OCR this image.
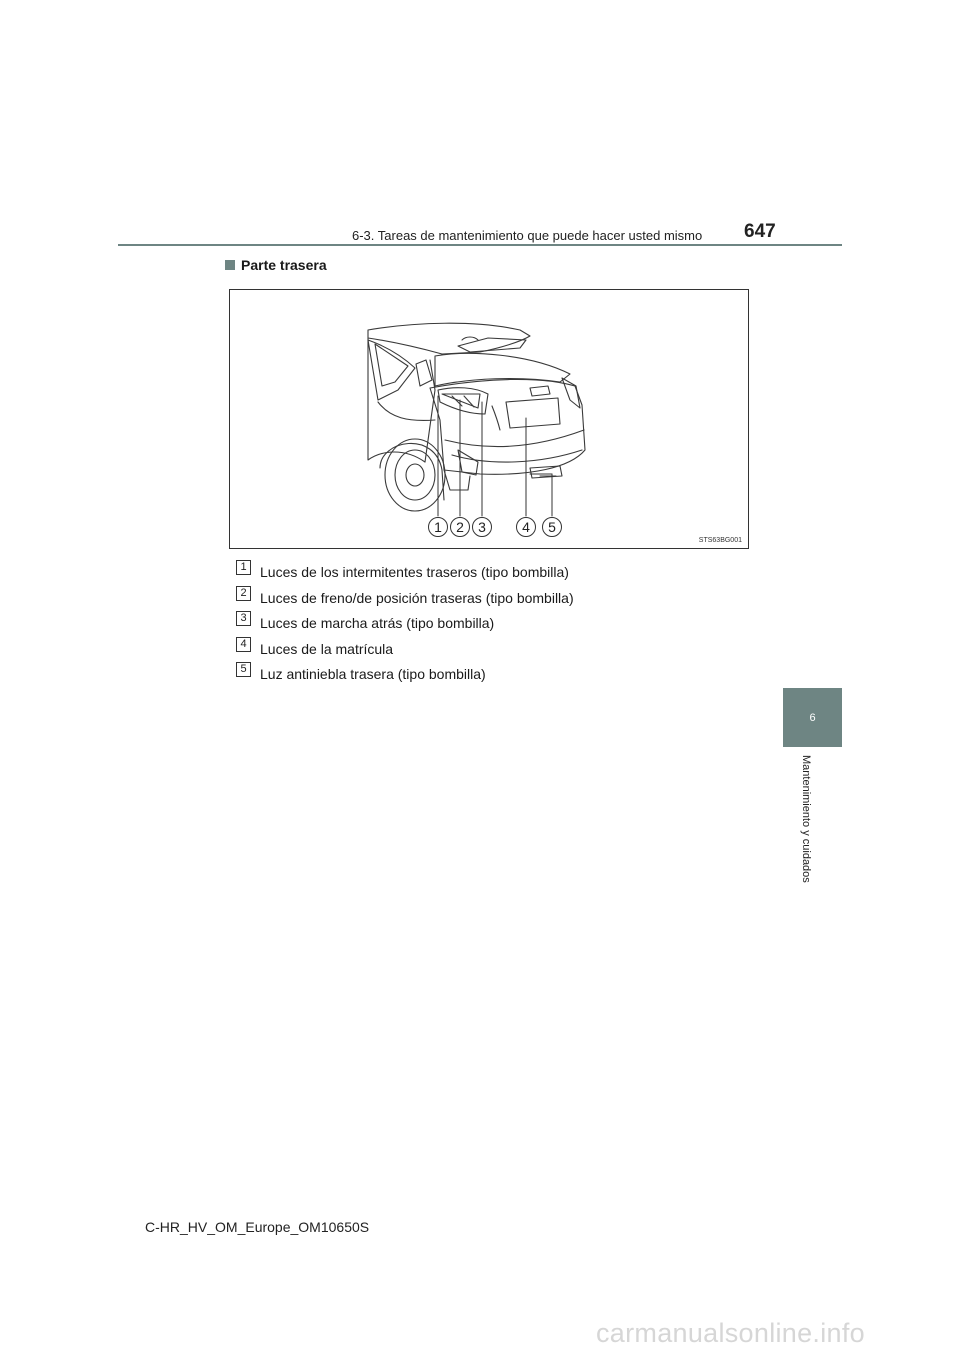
6-3. Tareas de mantenimiento que puede hacer usted mismo 647
6
Mantenimiento y cuidados
Parte trasera
1 2 3	4 5
STS63BG001
1 Luces de los intermitentes traseros (tipo bombilla)
2 Luces de freno/de posición traseras (tipo bombilla)
3 Luces de marcha atrás (tipo bombilla)
4 Luces de la matrícula
5 Luz antiniebla trasera (tipo bombilla)
C-HR_HV_OM_Europe_OM10650S
carmanualsonline.info
